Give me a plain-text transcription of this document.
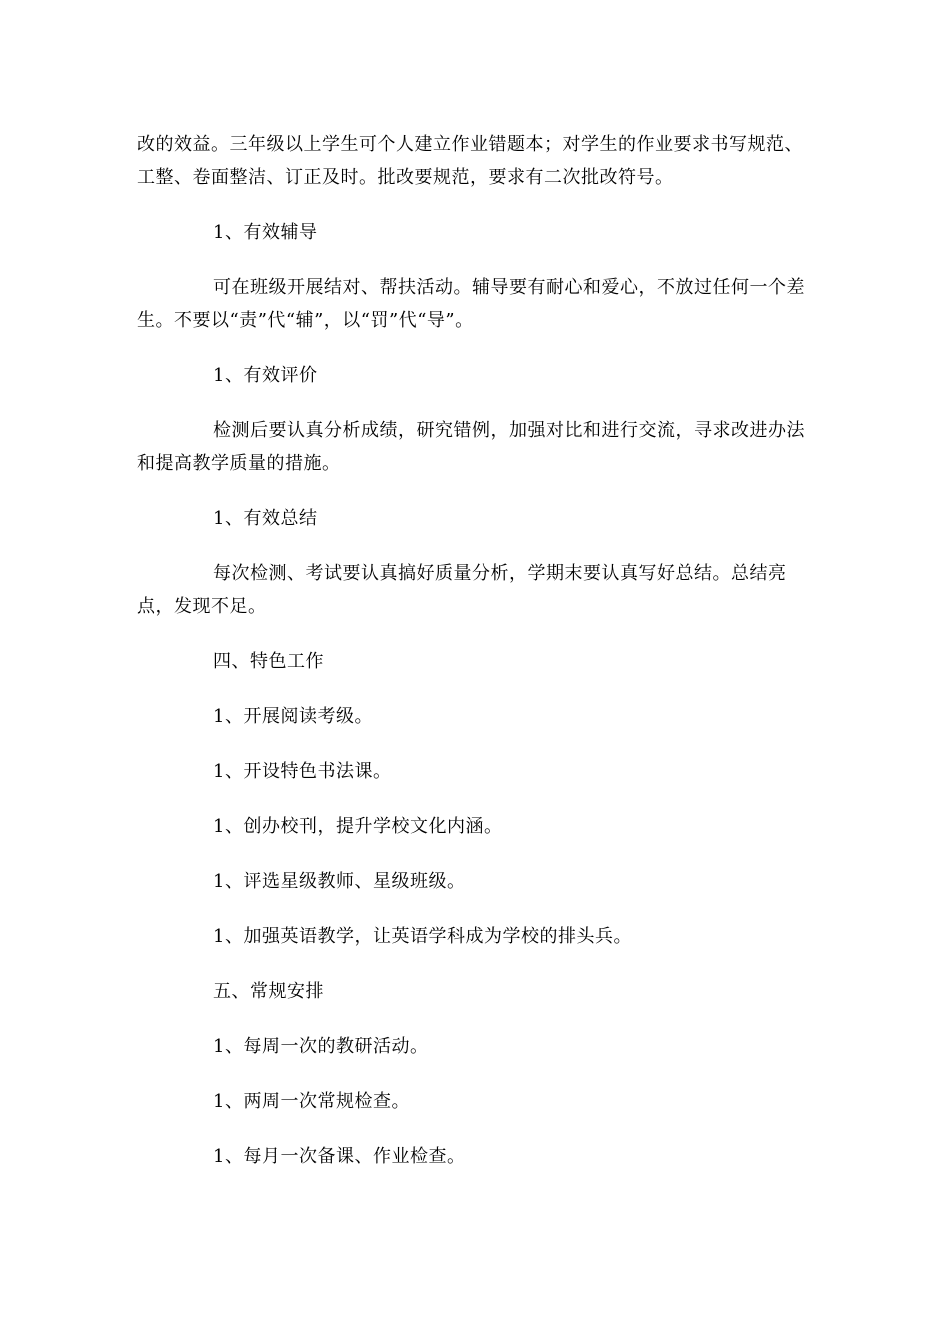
改的效益。三年级以上学生可个人建立作业错题本；对学生的作业要求书写规范、工整、卷面整洁、订正及时。批改要规范，要求有二次批改符号。

1、有效辅导

可在班级开展结对、帮扶活动。辅导要有耐心和爱心，不放过任何一个差生。不要以“责”代“辅”，以“罚”代“导”。

1、有效评价

检测后要认真分析成绩，研究错例，加强对比和进行交流，寻求改进办法和提高教学质量的措施。

1、有效总结

每次检测、考试要认真搞好质量分析，学期末要认真写好总结。总结亮点，发现不足。

四、特色工作

1、开展阅读考级。

1、开设特色书法课。

1、创办校刊，提升学校文化内涵。

1、评选星级教师、星级班级。

1、加强英语教学，让英语学科成为学校的排头兵。

五、常规安排

1、每周一次的教研活动。

1、两周一次常规检查。

1、每月一次备课、作业检查。
